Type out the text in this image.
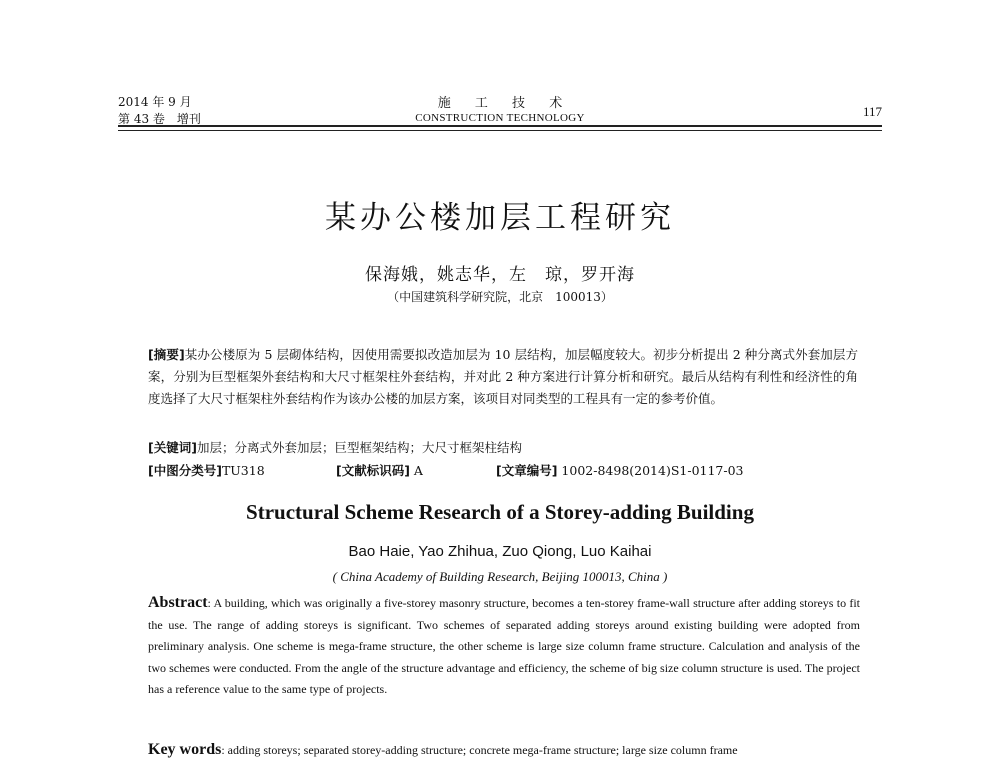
2014 年 9 月
第 43 卷　增刊
施 工 技 术
CONSTRUCTION TECHNOLOGY	117
某办公楼加层工程研究
保海娥，姚志华，左　琼，罗开海
（中国建筑科学研究院，北京　100013）
[摘要]某办公楼原为 5 层砌体结构，因使用需要拟改造加层为 10 层结构，加层幅度较大。初步分析提出 2 种分离式外套加层方案，分别为巨型框架外套结构和大尺寸框架柱外套结构，并对此 2 种方案进行计算分析和研究。最后从结构有利性和经济性的角度选择了大尺寸框架柱外套结构作为该办公楼的加层方案，该项目对同类型的工程具有一定的参考价值。
[关键词]加层；分离式外套加层；巨型框架结构；大尺寸框架柱结构
[中图分类号]TU318	[文献标识码] A	[文章编号] 1002-8498(2014)S1-0117-03
Structural Scheme Research of a Storey-adding Building
Bao Haie, Yao Zhihua, Zuo Qiong, Luo Kaihai
( China Academy of Building Research, Beijing 100013, China )
Abstract: A building, which was originally a five-storey masonry structure, becomes a ten-storey frame-wall structure after adding storeys to fit the use. The range of adding storeys is significant. Two schemes of separated adding storeys around existing building were adopted from preliminary analysis. One scheme is mega-frame structure, the other scheme is large size column frame structure. Calculation and analysis of the two schemes were conducted. From the angle of the structure advantage and efficiency, the scheme of big size column structure is used. The project has a reference value to the same type of projects.
Key words: adding storeys; separated storey-adding structure; concrete mega-frame structure; large size column frame
